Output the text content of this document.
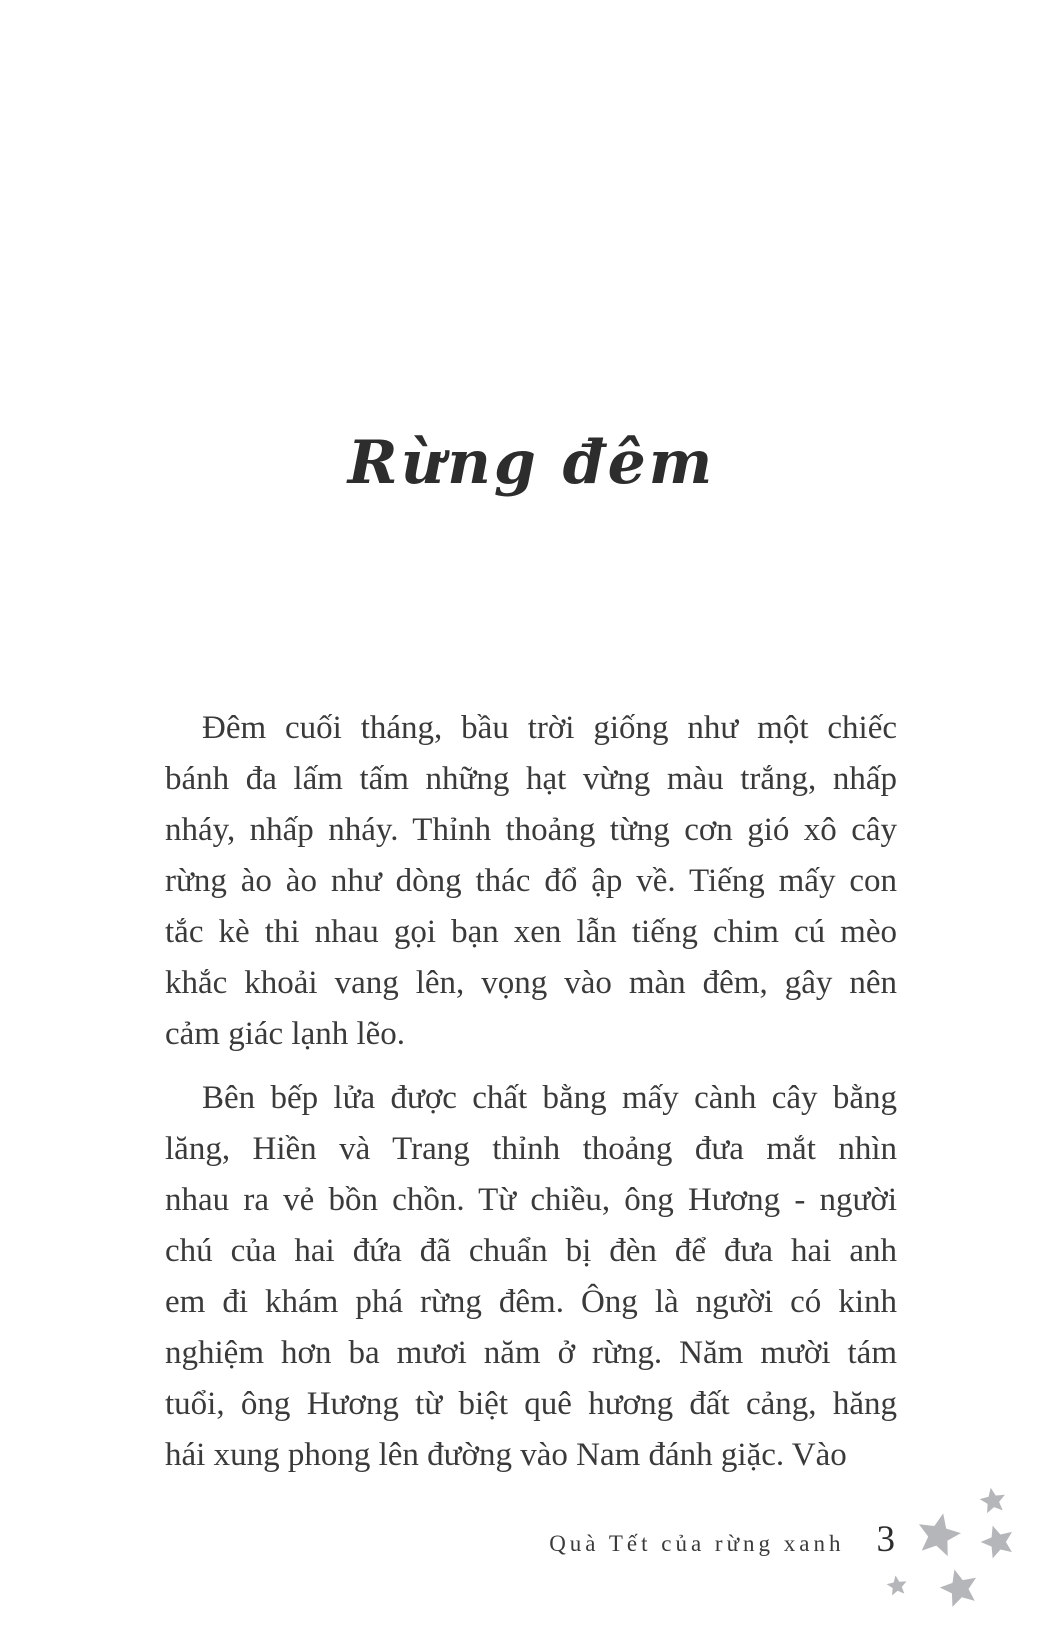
Rừng đêm
Đêm cuối tháng, bầu trời giống như một chiếc
bánh đa lấm tấm những hạt vừng màu trắng, nhấp
nháy, nhấp nháy. Thỉnh thoảng từng cơn gió xô cây
rừng ào ào như dòng thác đổ ập về. Tiếng mấy con
tắc kè thi nhau gọi bạn xen lẫn tiếng chim cú mèo
khắc khoải vang lên, vọng vào màn đêm, gây nên
cảm giác lạnh lẽo.
Bên bếp lửa được chất bằng mấy cành cây bằng
lăng, Hiền và Trang thỉnh thoảng đưa mắt nhìn
nhau ra vẻ bồn chồn. Từ chiều, ông Hương - người
chú của hai đứa đã chuẩn bị đèn để đưa hai anh
em đi khám phá rừng đêm. Ông là người có kinh
nghiệm hơn ba mươi năm ở rừng. Năm mười tám
tuổi, ông Hương từ biệt quê hương đất cảng, hăng
hái xung phong lên đường vào Nam đánh giặc. Vào
Quà Tết của rừng xanh 3
